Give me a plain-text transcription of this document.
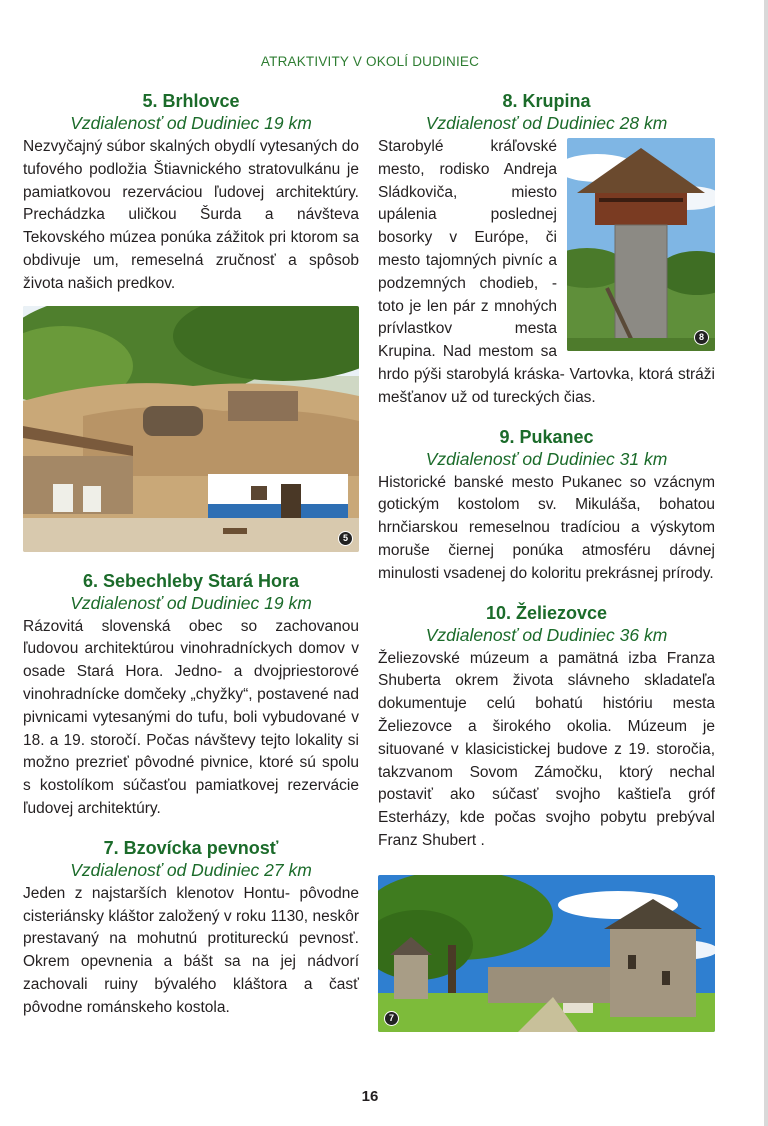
ATRAKTIVITY V OKOLÍ DUDINIEC
5. Brhlovce

Vzdialenosť od Dudiniec 19 km

Nezvyčajný súbor skalných obydlí vytesaných do tufového podložia Štiavnického stratovulkánu je pamiatkovou rezerváciou ľudovej architektúry. Prechádzka uličkou Šurda a návšteva Tekovského múzea ponúka zážitok pri ktorom sa obdivuje um, remeselná zručnosť a spôsob života našich predkov.

5
6. Sebechleby Stará Hora

Vzdialenosť od Dudiniec 19 km

Rázovitá slovenská obec so zachovanou ľudovou architektúrou vinohradníckych domov v osade Stará Hora. Jedno- a dvojpriestorové vinohradnícke domčeky „chyžky“, postavené nad pivnicami vytesanými do tufu, boli vybudované v 18. a 19. storočí. Počas návštevy tejto lokality si možno prezrieť pôvodné pivnice, ktoré sú spolu s kostolíkom súčasťou pamiatkovej rezervácie ľudovej architektúry.

7. Bzovícka pevnosť

Vzdialenosť od Dudiniec 27 km

Jeden z najstarších klenotov Hontu- pôvodne cisteriánsky kláštor založený v roku 1130, neskôr prestavaný na mohutnú protitureckú pevnosť. Okrem opevnenia a bášt sa na jej nádvorí zachovali ruiny bývalého kláštora a časť pôvodne románskeho kostola.

8. Krupina

Vzdialenosť od Dudiniec 28 km

8

Starobylé kráľovské mesto, rodisko Andreja Sládkoviča, miesto upálenia poslednej bosorky v Európe, či mesto tajomných pivníc a podzemných chodieb, - toto je len pár z mnohých prívlastkov mesta Krupina. Nad mestom sa hrdo pýši starobylá kráska- Vartovka, ktorá stráži mešťanov už od tureckých čias.

9. Pukanec

Vzdialenosť od Dudiniec 31 km

Historické banské mesto Pukanec so vzácnym gotickým kostolom sv. Mikuláša, bohatou hrnčiarskou remeselnou tradíciou a výskytom moruše čiernej ponúka atmosféru dávnej minulosti vsadenej do koloritu prekrásnej prírody.

10. Želiezovce

Vzdialenosť od Dudiniec 36 km

Želiezovské múzeum a pamätná izba Franza Shuberta okrem života slávneho skladateľa dokumentuje celú bohatú históriu mesta Želiezovce a širokého okolia. Múzeum je situované v klasicistickej budove z 19. storočia, takzvanom Sovom Zámočku, ktorý nechal postaviť ako súčasť svojho kaštieľa gróf Esterházy, kde počas svojho pobytu prebýval Franz Shubert .

7
16
